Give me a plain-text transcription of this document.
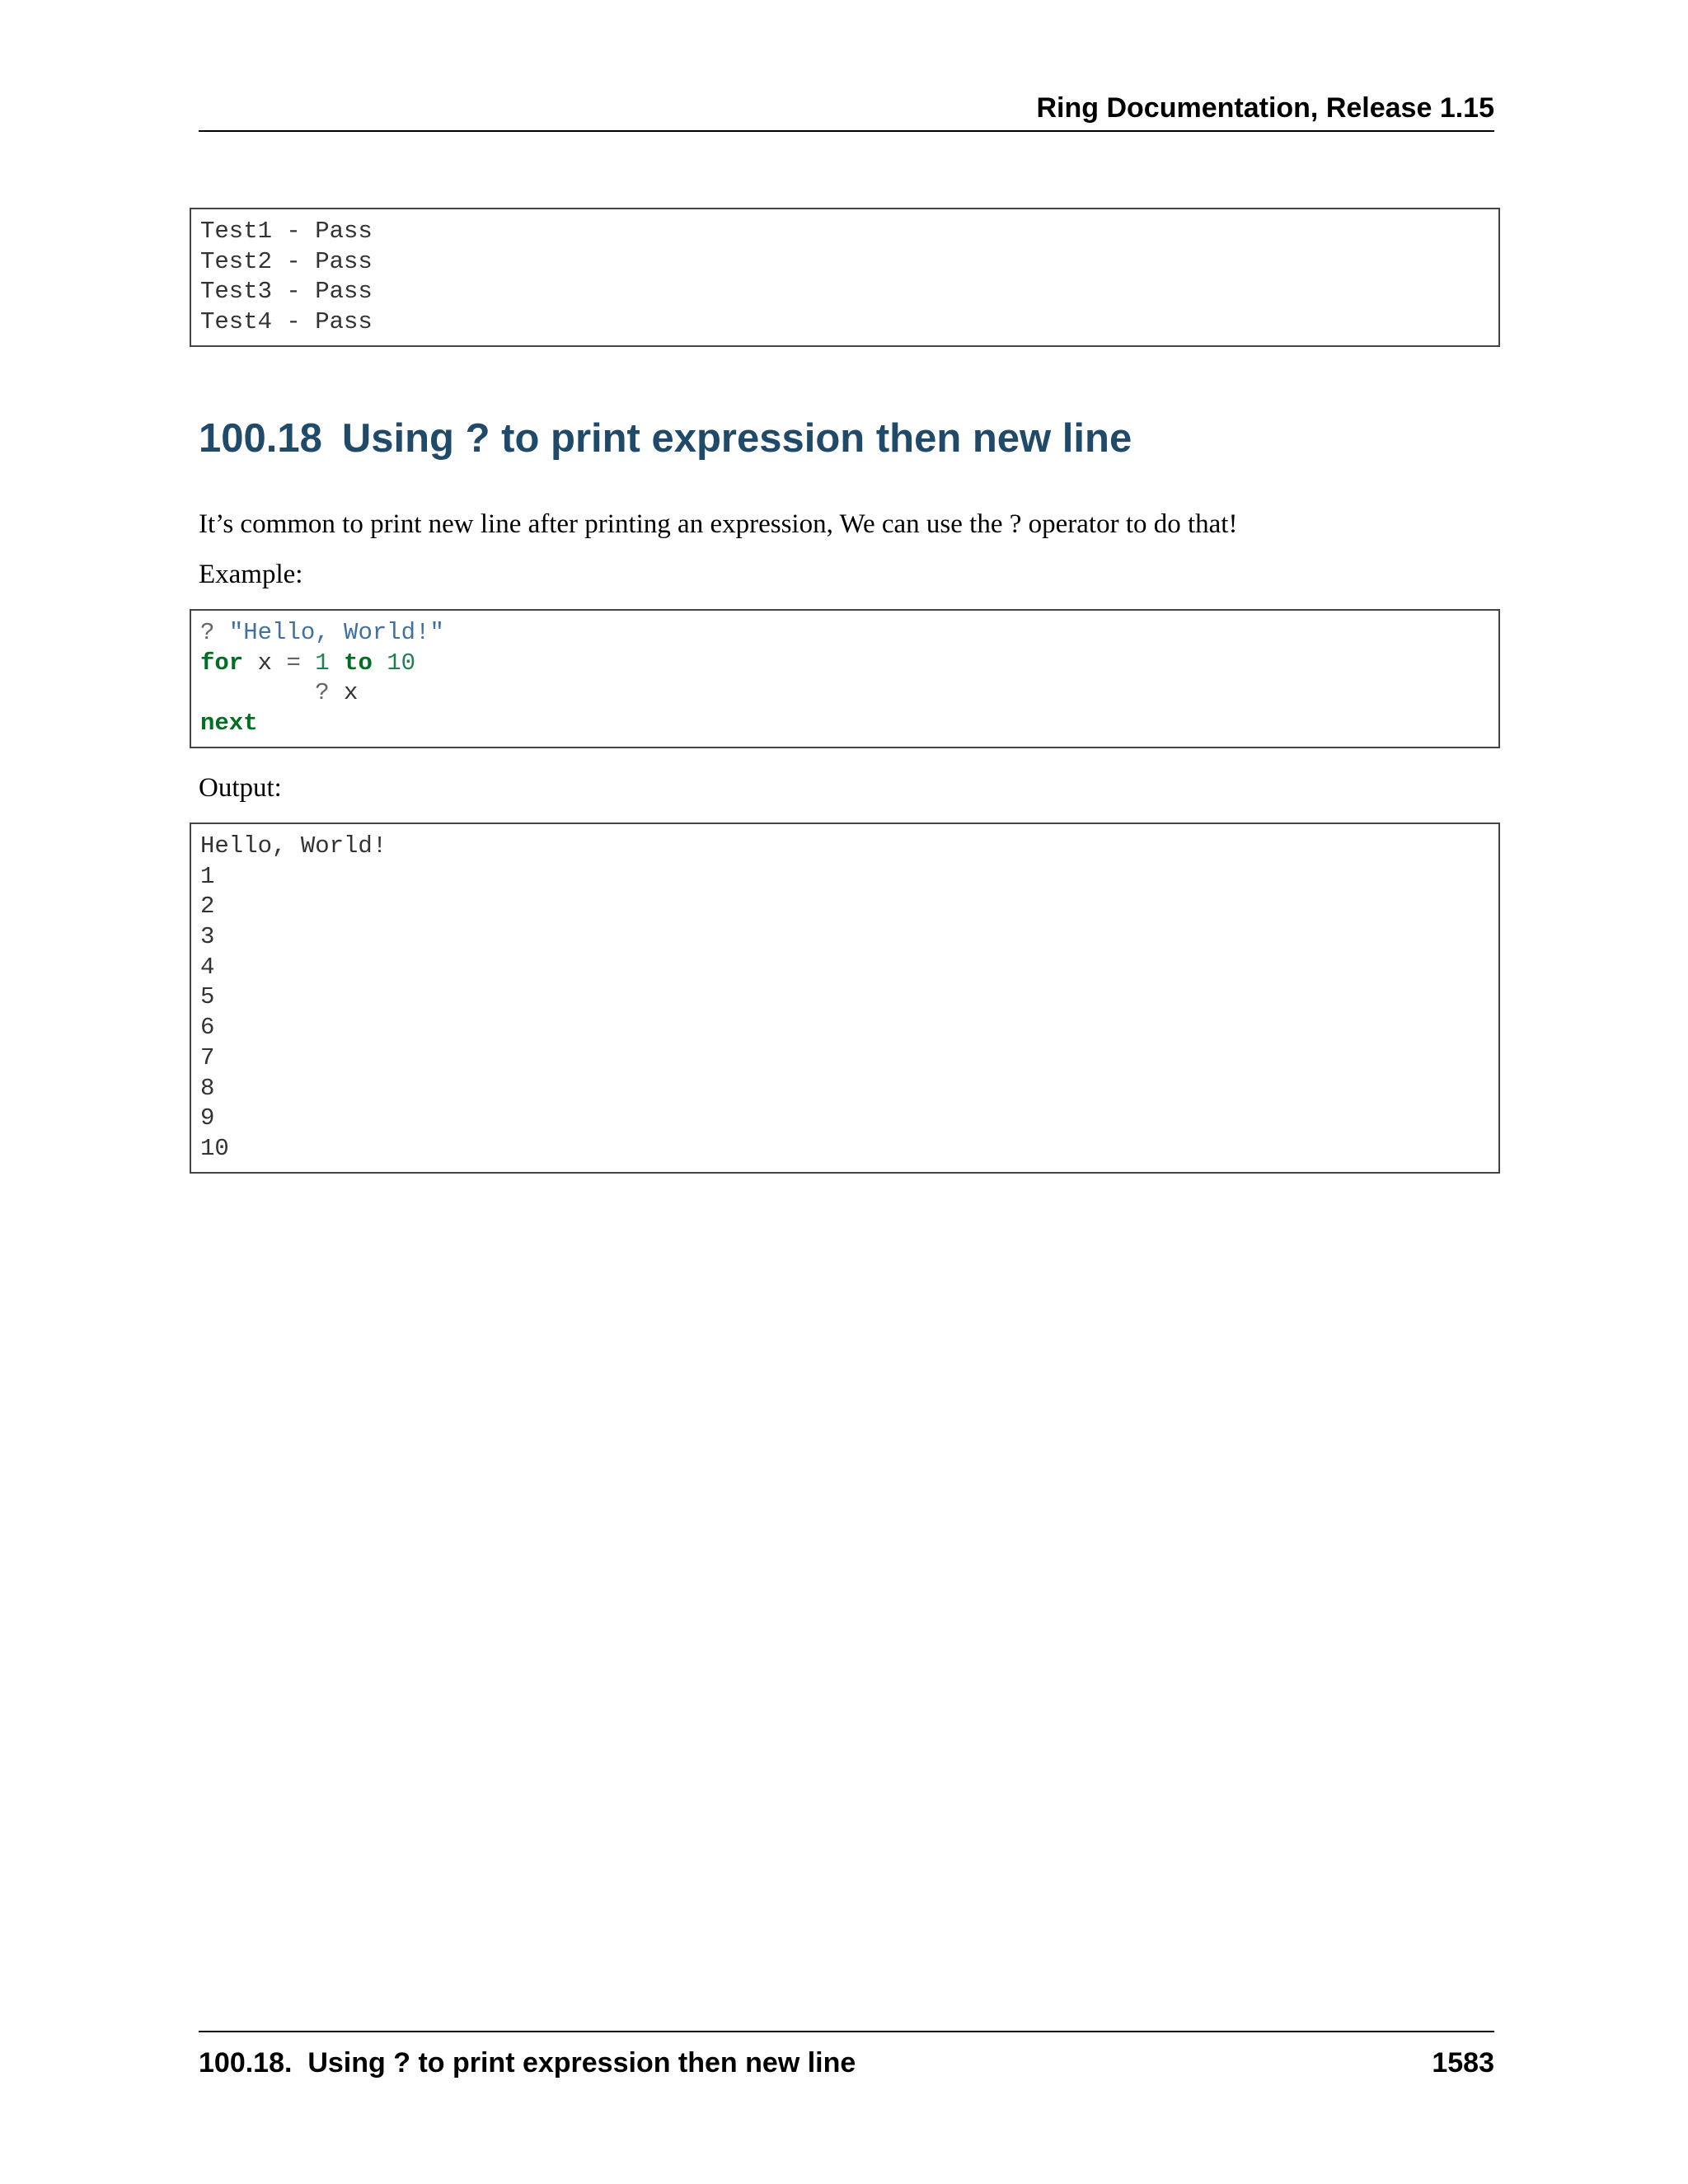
Ring Documentation, Release 1.15
Test1 - Pass
Test2 - Pass
Test3 - Pass
Test4 - Pass
100.18 Using ? to print expression then new line

It’s common to print new line after printing an expression, We can use the ? operator to do that!

Example:

? "Hello, World!"
for x = 1 to 10
? x
next

Output:

Hello, World!
1
2
3
4
5
6
7
8
9
10
100.18.  Using ? to print expression then new line	1583
